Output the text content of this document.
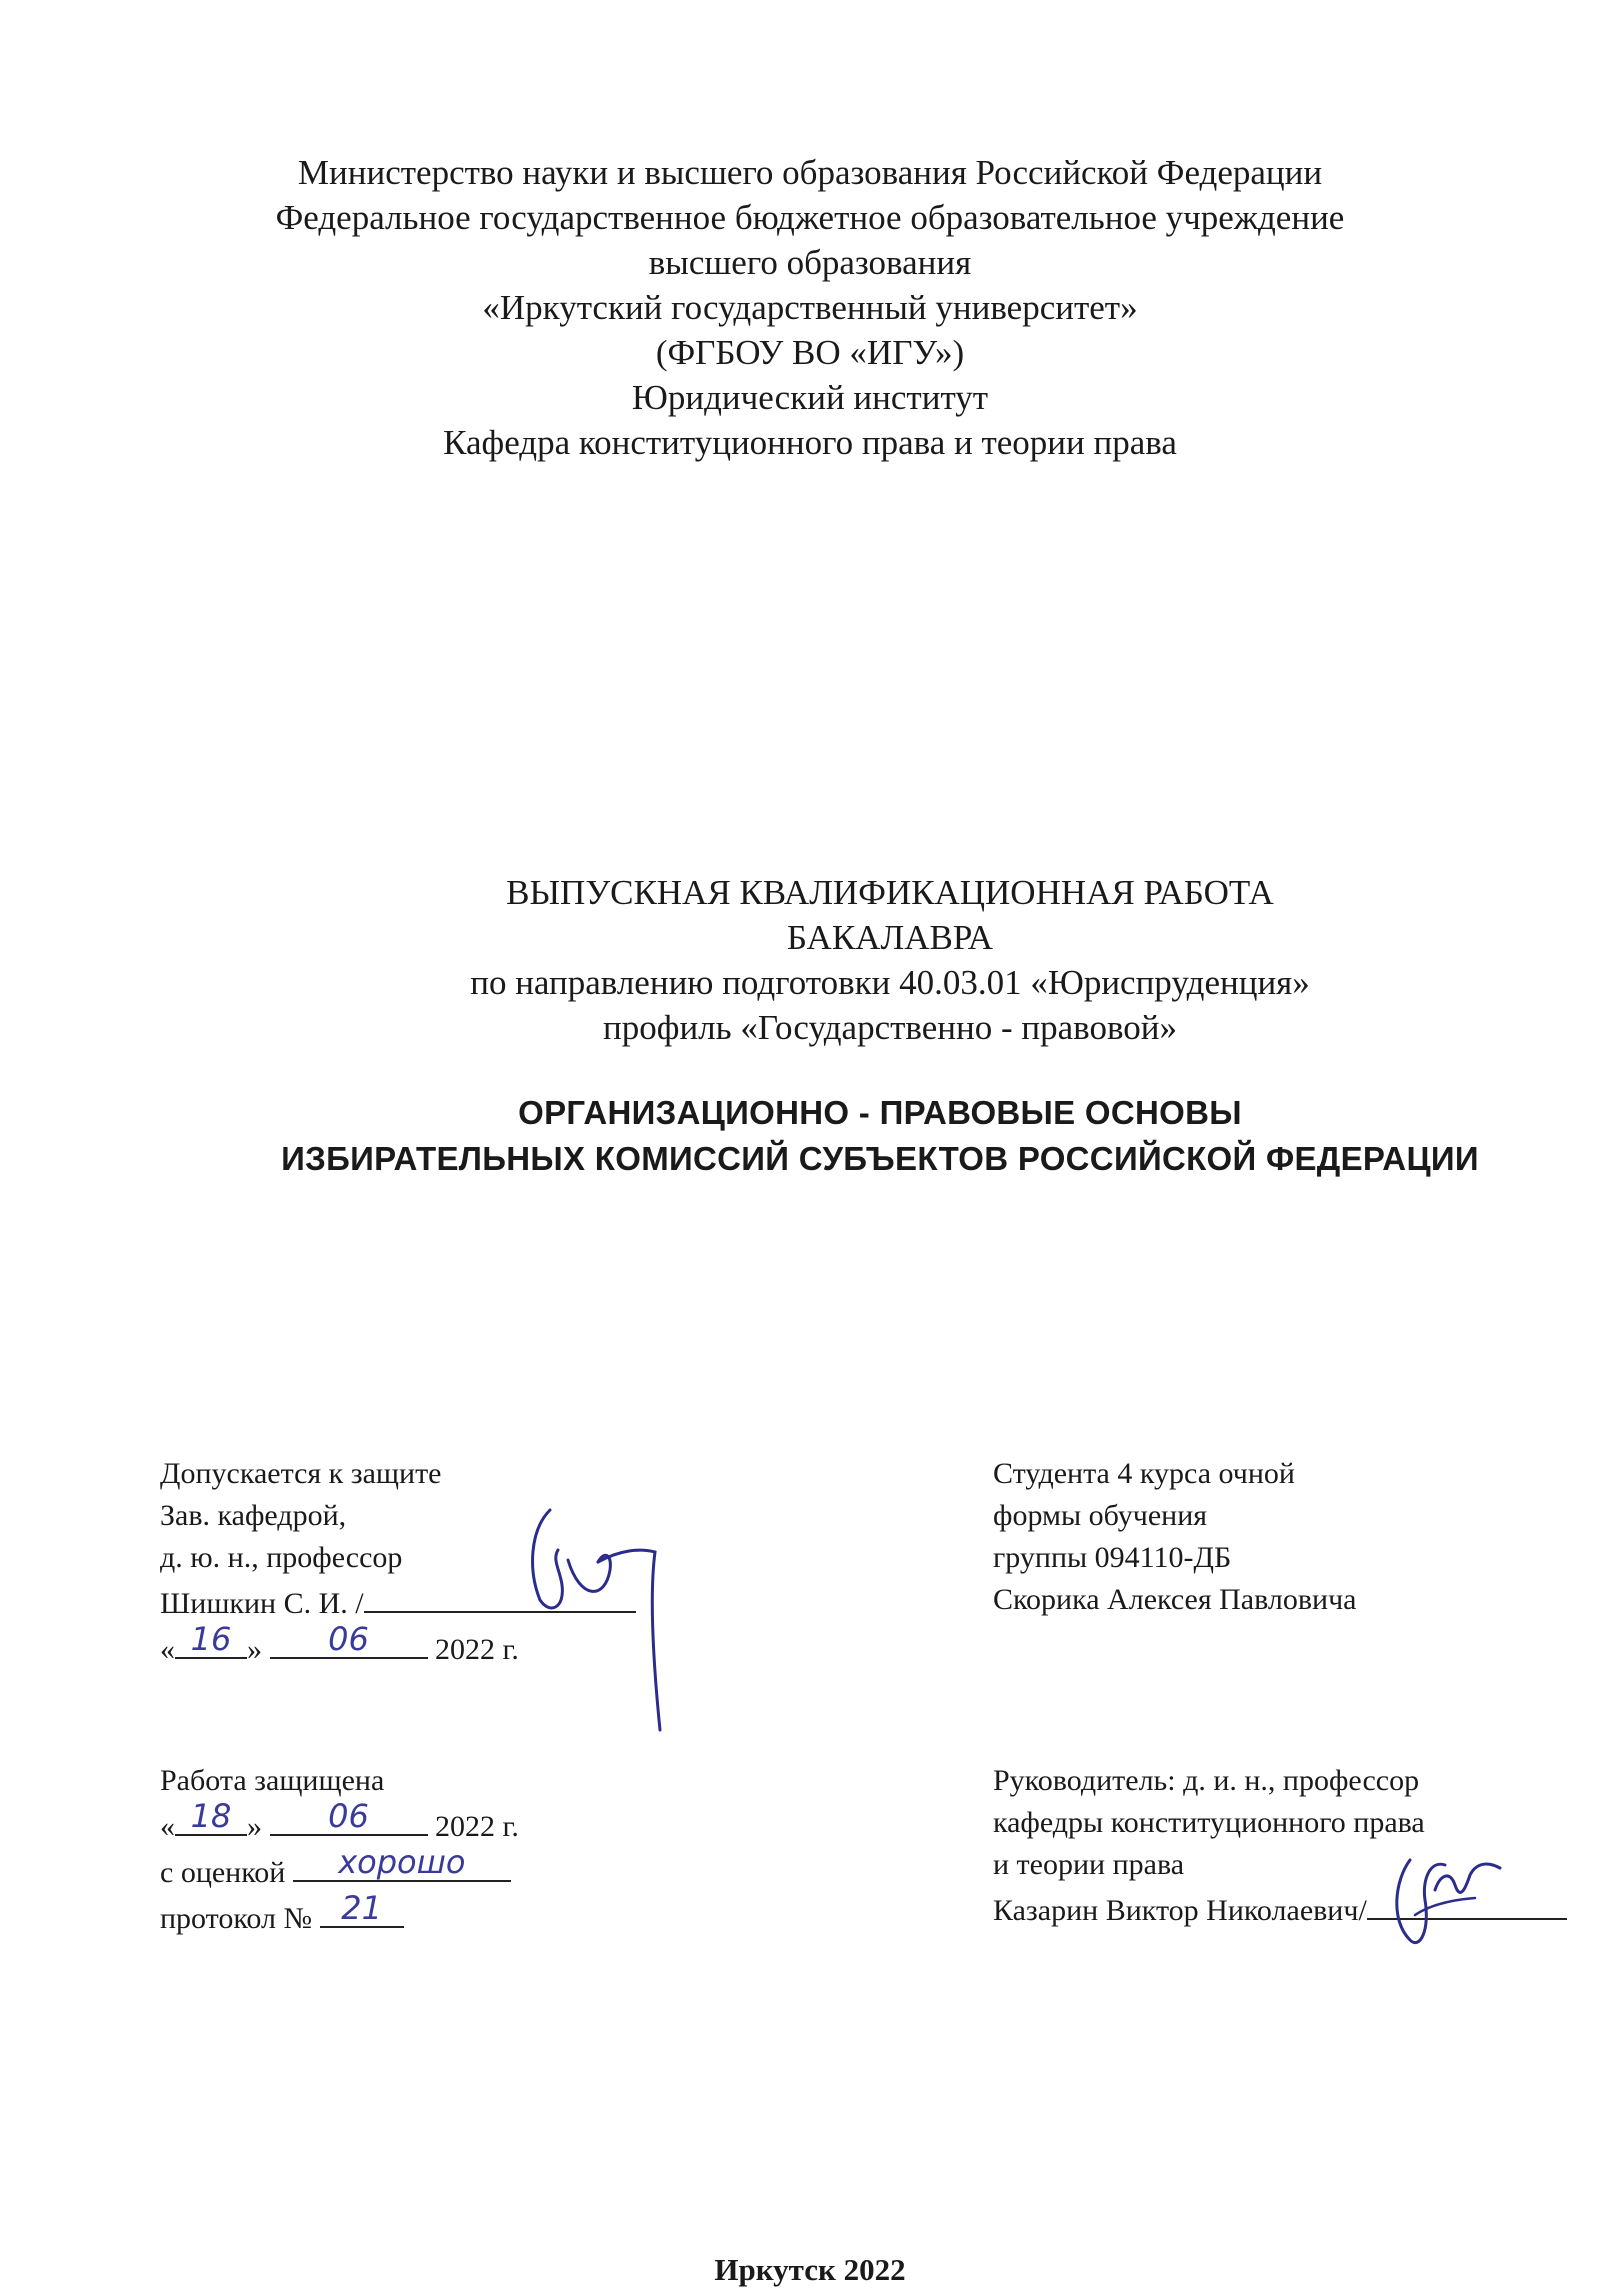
Министерство науки и высшего образования Российской Федерации
Федеральное государственное бюджетное образовательное учреждение
высшего образования
«Иркутский государственный университет»
(ФГБОУ ВО «ИГУ»)
Юридический институт
Кафедра конституционного права и теории права
ВЫПУСКНАЯ КВАЛИФИКАЦИОННАЯ РАБОТА
БАКАЛАВРА
по направлению подготовки 40.03.01 «Юриспруденция»
профиль «Государственно - правовой»
ОРГАНИЗАЦИОННО - ПРАВОВЫЕ ОСНОВЫ
ИЗБИРАТЕЛЬНЫХ КОМИССИЙ СУБЪЕКТОВ РОССИЙСКОЙ ФЕДЕРАЦИИ
Допускается к защите
Зав. кафедрой,
д. ю. н., профессор
Шишкин С. И. /
« 16 »	06	2022 г.
Студента 4 курса очной
формы обучения
группы 094110-ДБ
Скорика Алексея Павловича
Работа защищена
« 18 »	06	2022 г.
с оценкой	хорошо
протокол № 21
Руководитель: д. и. н., профессор
кафедры конституционного права
и теории права
Казарин Виктор Николаевич/
Иркутск 2022
